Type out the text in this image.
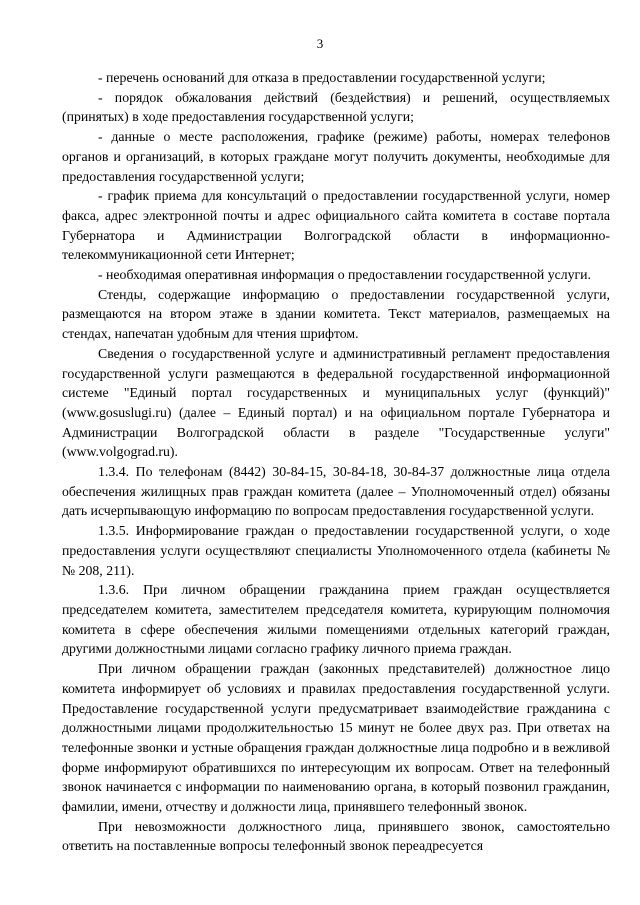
3

- перечень оснований для отказа в предоставлении государственной услуги;

- порядок обжалования действий (бездействия) и решений, осуществляемых (принятых) в ходе предоставления государственной услуги;

- данные о месте расположения, графике (режиме) работы, номерах телефонов органов и организаций, в которых граждане могут получить документы, необходимые для предоставления государственной услуги;

- график приема для консультаций о предоставлении государственной услуги, номер факса, адрес электронной почты и адрес официального сайта комитета в составе портала Губернатора и Администрации Волгоградской области в информационно-телекоммуникационной сети Интернет;

- необходимая оперативная информация о предоставлении государственной услуги.

Стенды, содержащие информацию о предоставлении государственной услуги, размещаются на втором этаже в здании комитета. Текст материалов, размещаемых на стендах, напечатан удобным для чтения шрифтом.

Сведения о государственной услуге и административный регламент предоставления государственной услуги размещаются в федеральной государственной информационной системе "Единый портал государственных и муниципальных услуг (функций)" (www.gosuslugi.ru) (далее – Единый портал) и на официальном портале Губернатора и Администрации Волгоградской области в разделе "Государственные услуги" (www.volgograd.ru).

1.3.4. По телефонам (8442) 30-84-15, 30-84-18, 30-84-37 должностные лица отдела обеспечения жилищных прав граждан комитета (далее – Уполномоченный отдел) обязаны дать исчерпывающую информацию по вопросам предоставления государственной услуги.

1.3.5. Информирование граждан о предоставлении государственной услуги, о ходе предоставления услуги осуществляют специалисты Уполномоченного отдела (кабинеты №№ 208, 211).

1.3.6. При личном обращении гражданина прием граждан осуществляется председателем комитета, заместителем председателя комитета, курирующим полномочия комитета в сфере обеспечения жилыми помещениями отдельных категорий граждан, другими должностными лицами согласно графику личного приема граждан.

При личном обращении граждан (законных представителей) должностное лицо комитета информирует об условиях и правилах предоставления государственной услуги. Предоставление государственной услуги предусматривает взаимодействие гражданина с должностными лицами продолжительностью 15 минут не более двух раз. При ответах на телефонные звонки и устные обращения граждан должностные лица подробно и в вежливой форме информируют обратившихся по интересующим их вопросам. Ответ на телефонный звонок начинается с информации по наименованию органа, в который позвонил гражданин, фамилии, имени, отчеству и должности лица, принявшего телефонный звонок.

При невозможности должностного лица, принявшего звонок, самостоятельно ответить на поставленные вопросы телефонный звонок переадресуется
